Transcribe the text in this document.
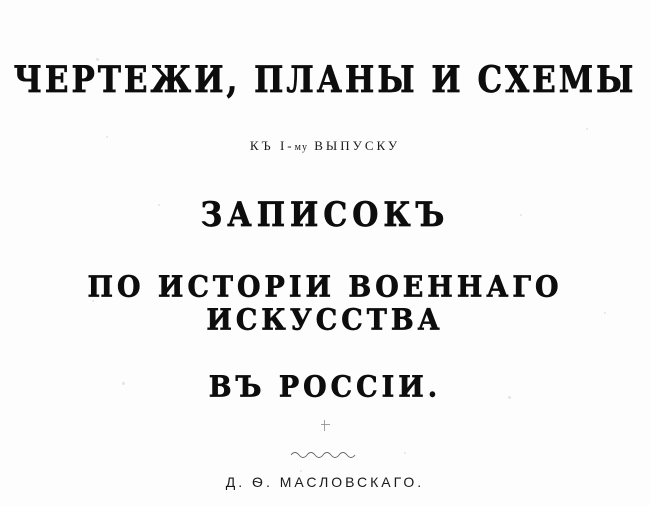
ЧЕРТЕЖИ, ПЛАНЫ И СХЕМЫ
КЪ I-му ВЫПУСКУ
ЗАПИСОКЪ
ПО ИСТОРІИ ВОЕННАГО ИСКУССТВА
ВЪ РОССІИ.
Д. Ѳ. МАСЛОВСКАГО.
